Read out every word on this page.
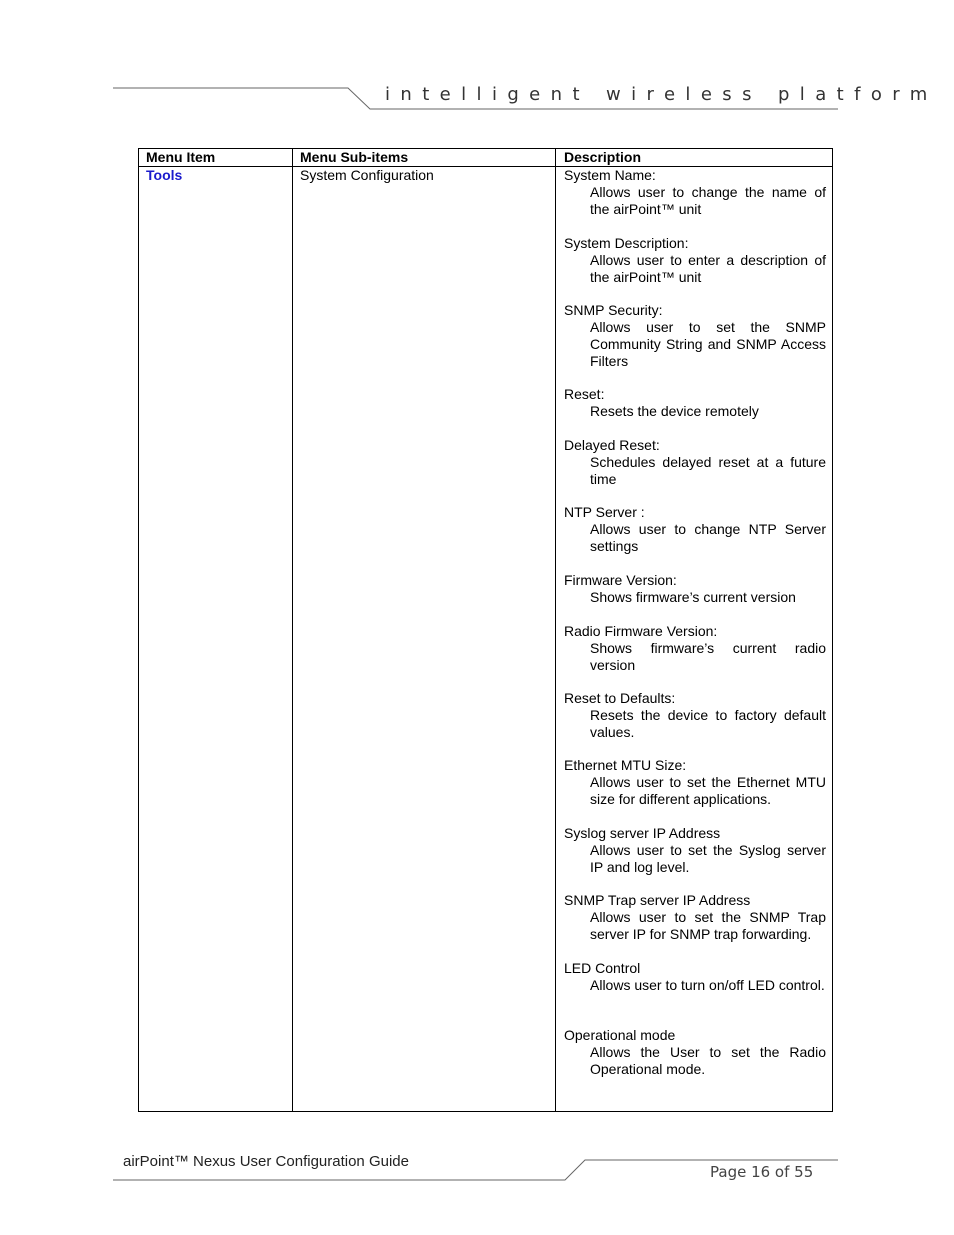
intelligent wireless platform
Menu Item	Menu Sub-items	Description
Tools	System Configuration	System Name:
Allows user to change the name of the airPoint™ unit
System Description:
Allows user to enter a description of the airPoint™ unit
SNMP Security:
Allows user to set the SNMP Community String and SNMP Access Filters
Reset:
Resets the device remotely
Delayed Reset:
Schedules delayed reset at a future time
NTP Server :
Allows user to change NTP Server settings
Firmware Version:
Shows firmware’s current version
Radio Firmware Version:
Shows firmware’s current radio version
Reset to Defaults:
Resets the device to factory default values.
Ethernet MTU Size:
Allows user to set the Ethernet MTU size for different applications.
Syslog server IP Address
Allows user to set the Syslog server IP and log level.
SNMP Trap server IP Address
Allows user to set the SNMP Trap server IP for SNMP trap forwarding.
LED Control
Allows user to turn on/off LED control.
Operational mode
Allows the User to set the Radio Operational mode.
airPoint™ Nexus User Configuration Guide
Page 16 of 55
